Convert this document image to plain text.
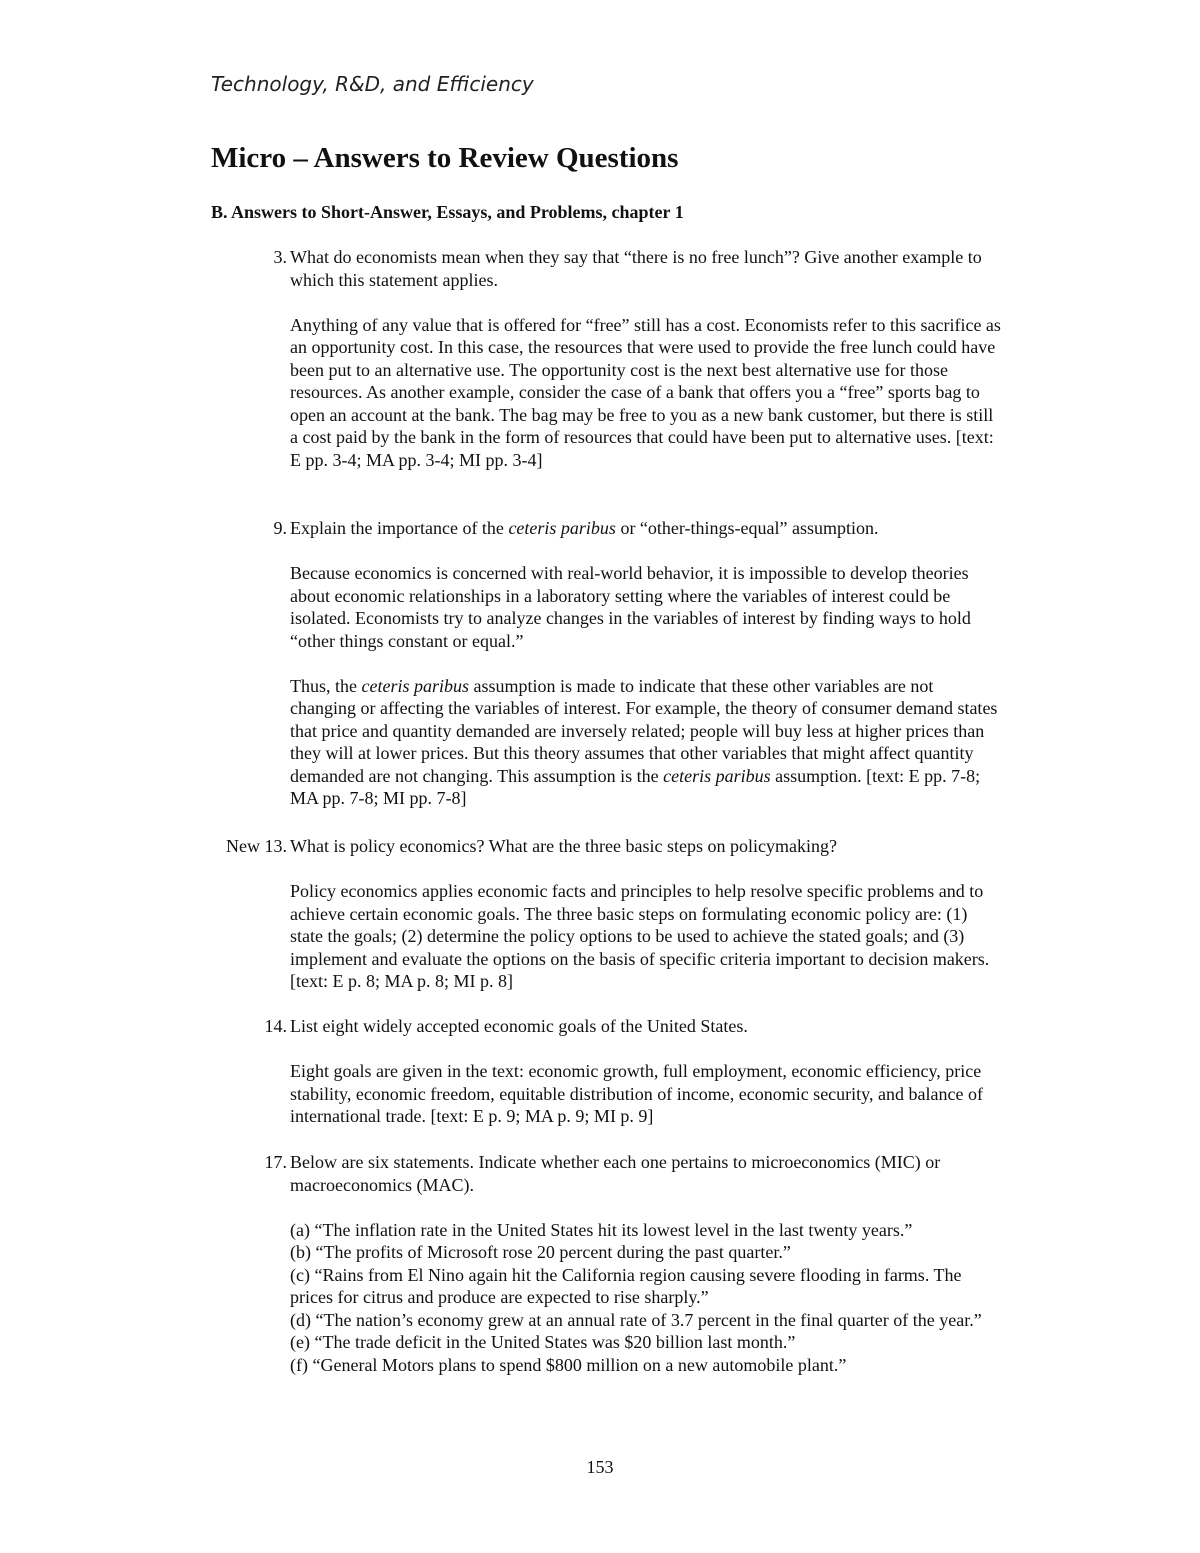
Technology, R&D, and Efficiency
Micro – Answers to Review Questions
B. Answers to Short-Answer, Essays, and Problems, chapter 1
3. What do economists mean when they say that “there is no free lunch”? Give another example to which this statement applies.

Anything of any value that is offered for “free” still has a cost. Economists refer to this sacrifice as an opportunity cost. In this case, the resources that were used to provide the free lunch could have been put to an alternative use. The opportunity cost is the next best alternative use for those resources. As another example, consider the case of a bank that offers you a “free” sports bag to open an account at the bank. The bag may be free to you as a new bank customer, but there is still a cost paid by the bank in the form of resources that could have been put to alternative uses. [text: E pp. 3-4; MA pp. 3-4; MI pp. 3-4]

9. Explain the importance of the ceteris paribus or “other-things-equal” assumption.

Because economics is concerned with real-world behavior, it is impossible to develop theories about economic relationships in a laboratory setting where the variables of interest could be isolated. Economists try to analyze changes in the variables of interest by finding ways to hold “other things constant or equal.”

Thus, the ceteris paribus assumption is made to indicate that these other variables are not changing or affecting the variables of interest. For example, the theory of consumer demand states that price and quantity demanded are inversely related; people will buy less at higher prices than they will at lower prices. But this theory assumes that other variables that might affect quantity demanded are not changing. This assumption is the ceteris paribus assumption. [text: E pp. 7-8; MA pp. 7-8; MI pp. 7-8]

New 13. What is policy economics? What are the three basic steps on policymaking?

Policy economics applies economic facts and principles to help resolve specific problems and to achieve certain economic goals. The three basic steps on formulating economic policy are: (1) state the goals; (2) determine the policy options to be used to achieve the stated goals; and (3) implement and evaluate the options on the basis of specific criteria important to decision makers. [text: E p. 8; MA p. 8; MI p. 8]

14. List eight widely accepted economic goals of the United States.

Eight goals are given in the text: economic growth, full employment, economic efficiency, price stability, economic freedom, equitable distribution of income, economic security, and balance of international trade. [text: E p. 9; MA p. 9; MI p. 9]

17. Below are six statements. Indicate whether each one pertains to microeconomics (MIC) or macroeconomics (MAC).

(a) “The inflation rate in the United States hit its lowest level in the last twenty years.”

(b) “The profits of Microsoft rose 20 percent during the past quarter.”

(c) “Rains from El Nino again hit the California region causing severe flooding in farms. The prices for citrus and produce are expected to rise sharply.”

(d) “The nation’s economy grew at an annual rate of 3.7 percent in the final quarter of the year.”

(e) “The trade deficit in the United States was $20 billion last month.”

(f) “General Motors plans to spend $800 million on a new automobile plant.”

153
